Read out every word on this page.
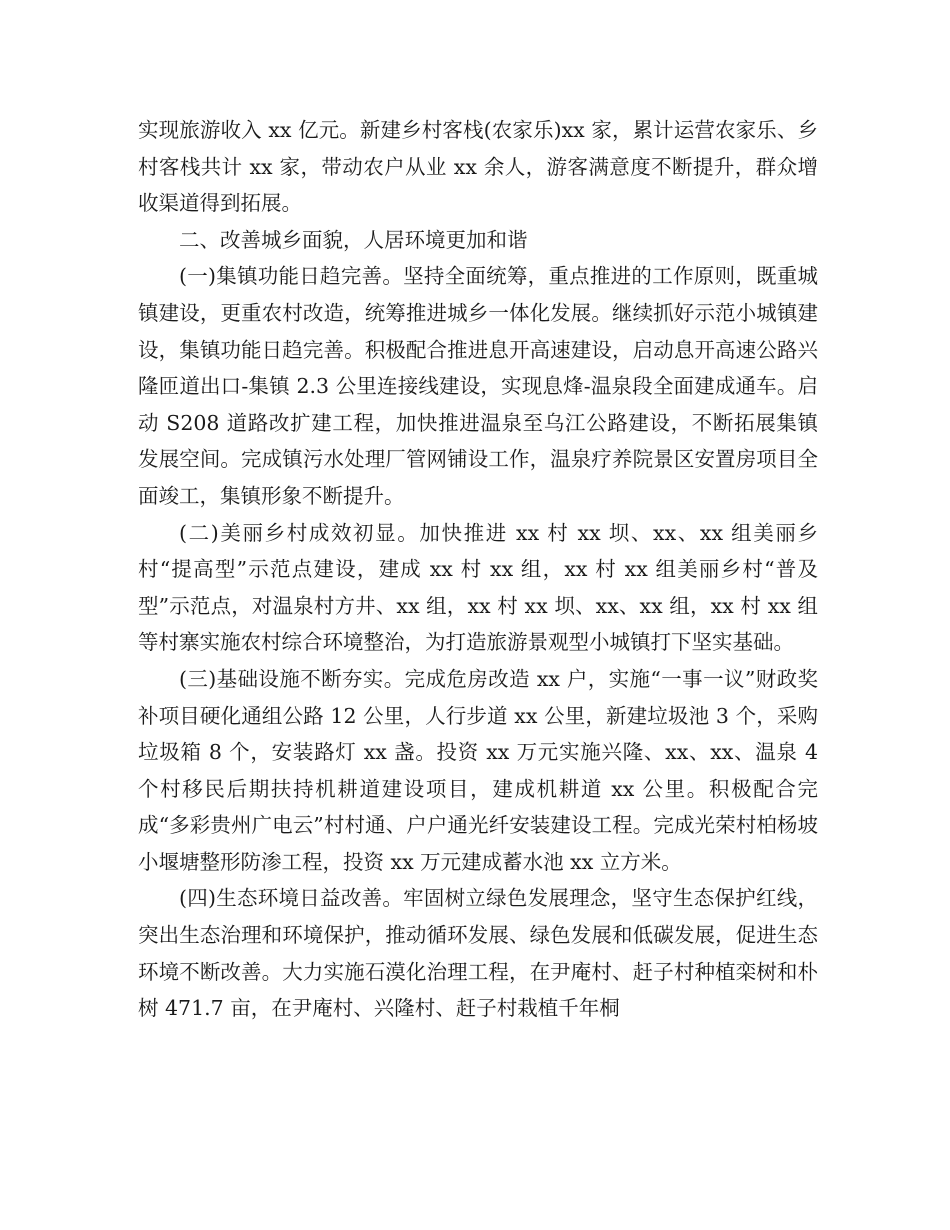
实现旅游收入 xx 亿元。新建乡村客栈(农家乐)xx 家，累计运营农家乐、乡村客栈共计 xx 家，带动农户从业 xx 余人，游客满意度不断提升，群众增收渠道得到拓展。

二、改善城乡面貌，人居环境更加和谐

(一)集镇功能日趋完善。坚持全面统筹，重点推进的工作原则，既重城镇建设，更重农村改造，统筹推进城乡一体化发展。继续抓好示范小城镇建设，集镇功能日趋完善。积极配合推进息开高速建设，启动息开高速公路兴隆匝道出口-集镇 2.3 公里连接线建设，实现息烽-温泉段全面建成通车。启动 S208 道路改扩建工程，加快推进温泉至乌江公路建设，不断拓展集镇发展空间。完成镇污水处理厂管网铺设工作，温泉疗养院景区安置房项目全面竣工，集镇形象不断提升。

(二)美丽乡村成效初显。加快推进 xx 村 xx 坝、xx、xx 组美丽乡村“提高型”示范点建设，建成 xx 村 xx 组，xx 村 xx 组美丽乡村“普及型”示范点，对温泉村方井、xx 组，xx 村 xx 坝、xx、xx 组，xx 村 xx 组等村寨实施农村综合环境整治，为打造旅游景观型小城镇打下坚实基础。

(三)基础设施不断夯实。完成危房改造 xx 户，实施“一事一议”财政奖补项目硬化通组公路 12 公里，人行步道 xx 公里，新建垃圾池 3 个，采购垃圾箱 8 个，安装路灯 xx 盏。投资 xx 万元实施兴隆、xx、xx、温泉 4 个村移民后期扶持机耕道建设项目，建成机耕道 xx 公里。积极配合完成“多彩贵州广电云”村村通、户户通光纤安装建设工程。完成光荣村柏杨坡小堰塘整形防渗工程，投资 xx 万元建成蓄水池 xx 立方米。

(四)生态环境日益改善。牢固树立绿色发展理念，坚守生态保护红线，突出生态治理和环境保护，推动循环发展、绿色发展和低碳发展，促进生态环境不断改善。大力实施石漠化治理工程，在尹庵村、赶子村种植栾树和朴树 471.7 亩，在尹庵村、兴隆村、赶子村栽植千年桐
